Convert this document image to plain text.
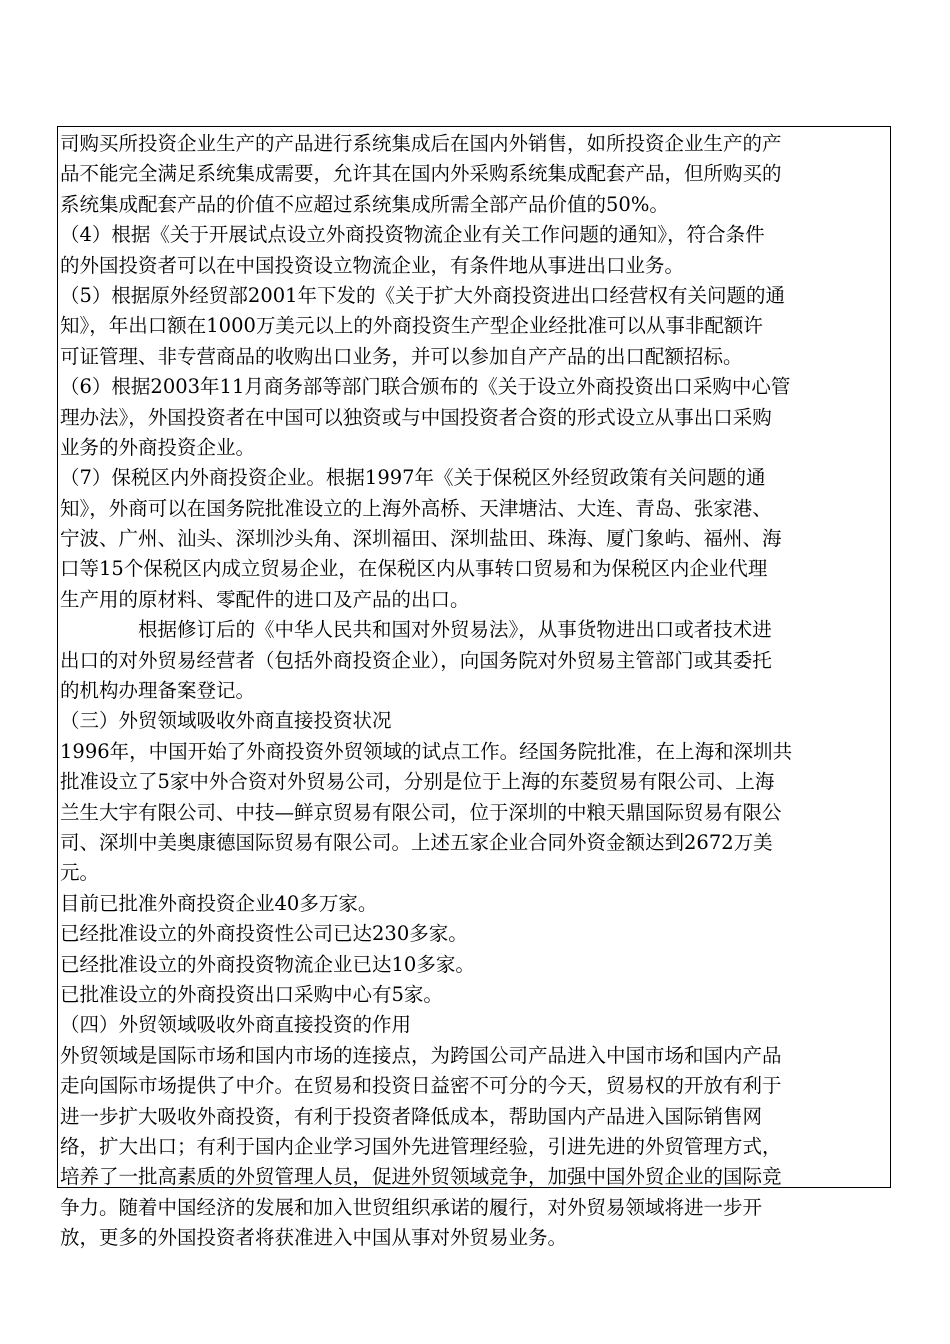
司购买所投资企业生产的产品进行系统集成后在国内外销售，如所投资企业生产的产
品不能完全满足系统集成需要，允许其在国内外采购系统集成配套产品，但所购买的
系统集成配套产品的价值不应超过系统集成所需全部产品价值的50%。
（4）根据《关于开展试点设立外商投资物流企业有关工作问题的通知》，符合条件
的外国投资者可以在中国投资设立物流企业，有条件地从事进出口业务。
（5）根据原外经贸部2001年下发的《关于扩大外商投资进出口经营权有关问题的通
知》，年出口额在1000万美元以上的外商投资生产型企业经批准可以从事非配额许
可证管理、非专营商品的收购出口业务，并可以参加自产产品的出口配额招标。
（6）根据2003年11月商务部等部门联合颁布的《关于设立外商投资出口采购中心管
理办法》，外国投资者在中国可以独资或与中国投资者合资的形式设立从事出口采购
业务的外商投资企业。
（7）保税区内外商投资企业。根据1997年《关于保税区外经贸政策有关问题的通
知》，外商可以在国务院批准设立的上海外高桥、天津塘沽、大连、青岛、张家港、
宁波、广州、汕头、深圳沙头角、深圳福田、深圳盐田、珠海、厦门象屿、福州、海
口等15个保税区内成立贸易企业，在保税区内从事转口贸易和为保税区内企业代理
生产用的原材料、零配件的进口及产品的出口。
　　　　根据修订后的《中华人民共和国对外贸易法》，从事货物进出口或者技术进
出口的对外贸易经营者（包括外商投资企业），向国务院对外贸易主管部门或其委托
的机构办理备案登记。
（三）外贸领域吸收外商直接投资状况
1996年，中国开始了外商投资外贸领域的试点工作。经国务院批准，在上海和深圳共
批准设立了5家中外合资对外贸易公司，分别是位于上海的东菱贸易有限公司、上海
兰生大宇有限公司、中技—鲜京贸易有限公司，位于深圳的中粮天鼎国际贸易有限公
司、深圳中美奥康德国际贸易有限公司。上述五家企业合同外资金额达到2672万美
元。
目前已批准外商投资企业40多万家。
已经批准设立的外商投资性公司已达230多家。
已经批准设立的外商投资物流企业已达10多家。
已批准设立的外商投资出口采购中心有5家。
（四）外贸领域吸收外商直接投资的作用
外贸领域是国际市场和国内市场的连接点，为跨国公司产品进入中国市场和国内产品
走向国际市场提供了中介。在贸易和投资日益密不可分的今天，贸易权的开放有利于
进一步扩大吸收外商投资，有利于投资者降低成本，帮助国内产品进入国际销售网
络，扩大出口；有利于国内企业学习国外先进管理经验，引进先进的外贸管理方式，
培养了一批高素质的外贸管理人员，促进外贸领域竞争，加强中国外贸企业的国际竞
争力。随着中国经济的发展和加入世贸组织承诺的履行，对外贸易领域将进一步开
放，更多的外国投资者将获准进入中国从事对外贸易业务。
